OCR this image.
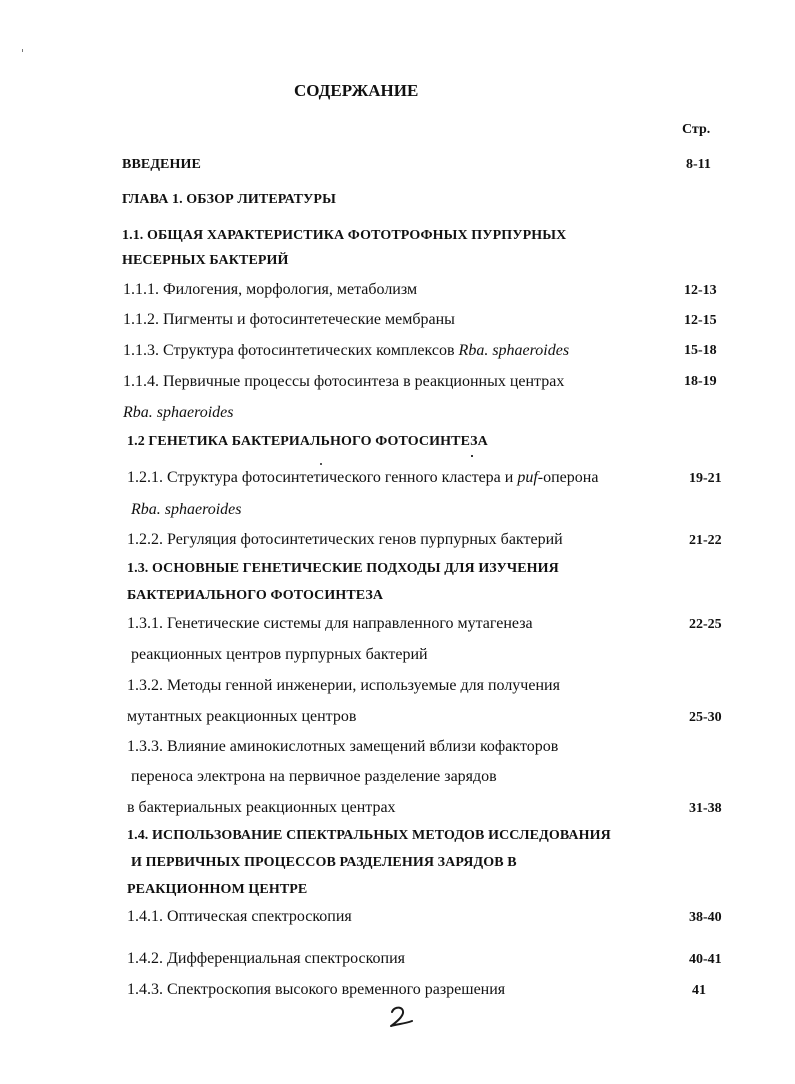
СОДЕРЖАНИЕ
Стр.
ВВЕДЕНИЕ	8-11
ГЛАВА 1. ОБЗОР ЛИТЕРАТУРЫ
1.1. ОБЩАЯ ХАРАКТЕРИСТИКА ФОТОТРОФНЫХ ПУРПУРНЫХ
НЕСЕРНЫХ БАКТЕРИЙ
1.1.1. Филогения, морфология, метаболизм	12-13
1.1.2. Пигменты и фотосинтетеческие мембраны	12-15
1.1.3. Структура фотосинтетических комплексов Rba. sphaeroides	15-18
1.1.4. Первичные процессы фотосинтеза в реакционных центрах	18-19
Rba. sphaeroides
1.2 ГЕНЕТИКА БАКТЕРИАЛЬНОГО ФОТОСИНТЕЗА
1.2.1. Структура фотосинтетического генного кластера и puf-оперона	19-21
Rba. sphaeroides
1.2.2. Регуляция фотосинтетических генов пурпурных бактерий	21-22
1.3. ОСНОВНЫЕ ГЕНЕТИЧЕСКИЕ ПОДХОДЫ ДЛЯ ИЗУЧЕНИЯ
БАКТЕРИАЛЬНОГО ФОТОСИНТЕЗА
1.3.1. Генетические системы для направленного мутагенеза	22-25
реакционных центров пурпурных бактерий
1.3.2. Методы генной инженерии, используемые для получения
мутантных реакционных центров	25-30
1.3.3. Влияние аминокислотных замещений вблизи кофакторов
переноса электрона на первичное разделение зарядов
в бактериальных реакционных центрах	31-38
1.4. ИСПОЛЬЗОВАНИЕ СПЕКТРАЛЬНЫХ МЕТОДОВ ИССЛЕДОВАНИЯ
И ПЕРВИЧНЫХ ПРОЦЕССОВ РАЗДЕЛЕНИЯ ЗАРЯДОВ В
РЕАКЦИОННОМ ЦЕНТРЕ
1.4.1. Оптическая спектроскопия	38-40
1.4.2. Дифференциальная спектроскопия	40-41
1.4.3. Спектроскопия высокого временного разрешения	41
